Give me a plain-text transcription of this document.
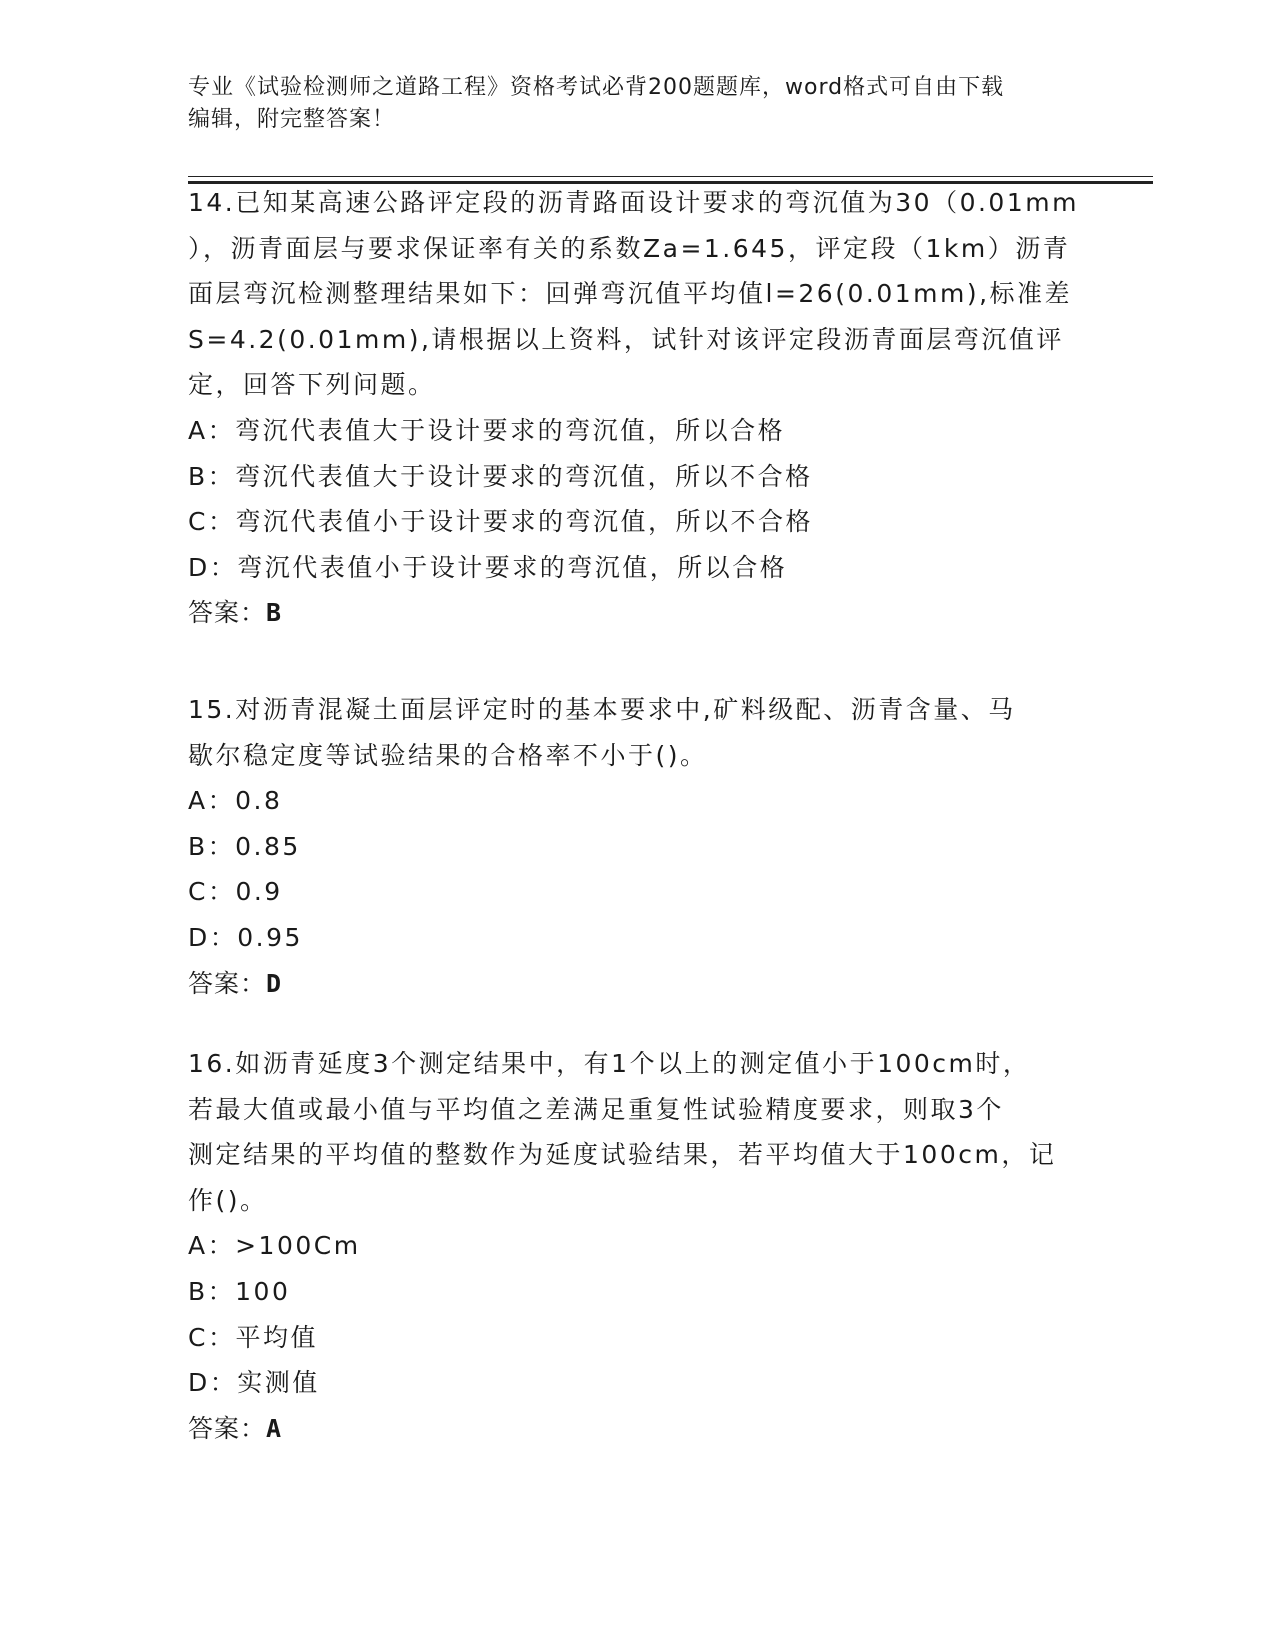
专业《试验检测师之道路工程》资格考试必背200题题库，word格式可自由下载
编辑，附完整答案！
14.已知某高速公路评定段的沥青路面设计要求的弯沉值为30（0.01mm
），沥青面层与要求保证率有关的系数Za=1.645，评定段（1km）沥青
面层弯沉检测整理结果如下：回弹弯沉值平均值l=26(0.01mm),标准差
S=4.2(0.01mm),请根据以上资料，试针对该评定段沥青面层弯沉值评
定，回答下列问题。
A：弯沉代表值大于设计要求的弯沉值，所以合格
B：弯沉代表值大于设计要求的弯沉值，所以不合格
C：弯沉代表值小于设计要求的弯沉值，所以不合格
D：弯沉代表值小于设计要求的弯沉值，所以合格
答案：B
15.对沥青混凝土面层评定时的基本要求中,矿料级配、沥青含量、马
歇尔稳定度等试验结果的合格率不小于()。
A：0.8
B：0.85
C：0.9
D：0.95
答案：D
16.如沥青延度3个测定结果中，有1个以上的测定值小于100cm时，
若最大值或最小值与平均值之差满足重复性试验精度要求，则取3个
测定结果的平均值的整数作为延度试验结果，若平均值大于100cm，记
作()。
A：>100Cm
B：100
C：平均值
D：实测值
答案：A
